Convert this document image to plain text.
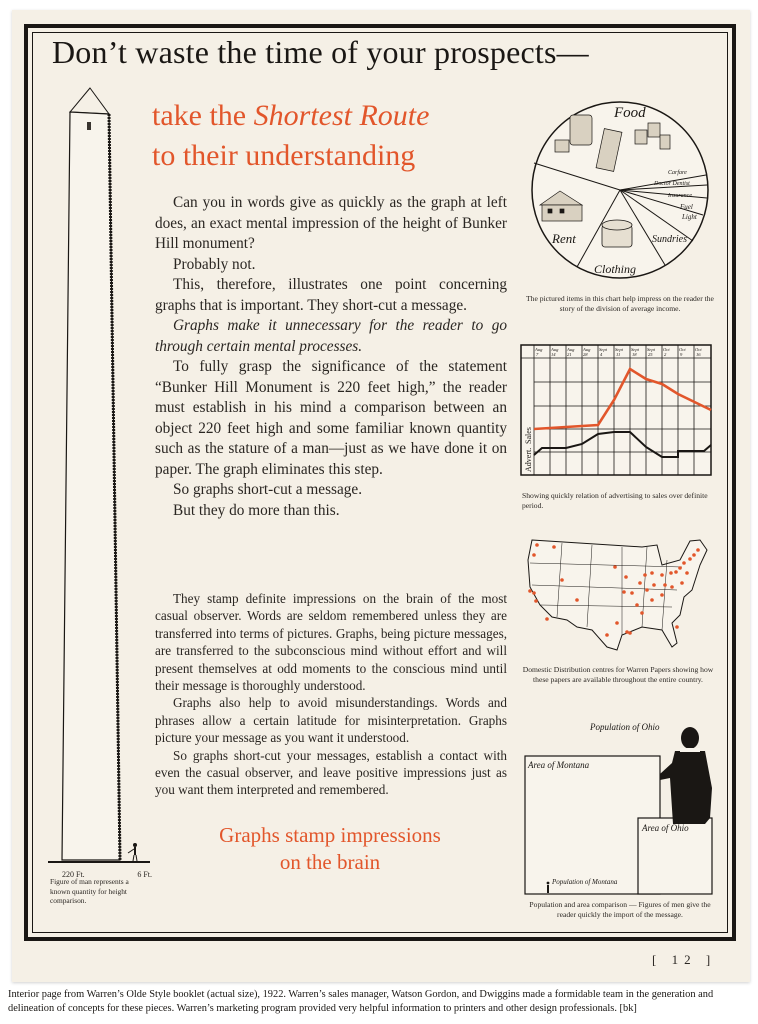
Don’t waste the time of your prospects—
220 Ft.	6 Ft.
Figure of man represents a known quantity for height comparison.
take the Shortest Route
to their understanding

Can you in words give as quickly as the graph at left does, an exact mental impression of the height of Bunker Hill monument?

Probably not.

This, therefore, illustrates one point concerning graphs that is important. They short-cut a message.

Graphs make it unnecessary for the reader to go through certain mental processes.

To fully grasp the significance of the statement “Bunker Hill Monument is 220 feet high,” the reader must establish in his mind a comparison between an object 220 feet high and some familiar known quantity such as the stature of a man—just as we have done it on paper. The graph eliminates this step.

So graphs short-cut a message.

But they do more than this.

They stamp definite impressions on the brain of the most casual observer. Words are seldom remembered unless they are transferred into terms of pictures. Graphs, being picture messages, are transferred to the subconscious mind without effort and will present themselves at odd moments to the conscious mind until their message is thoroughly understood.

Graphs also help to avoid misunderstandings. Words and phrases allow a certain latitude for misinterpretation. Graphs picture your message as you want it understood.

So graphs short-cut your messages, establish a contact with even the casual observer, and leave positive impressions just as you want them interpreted and remembered.

Graphs stamp impressions
on the brain
Food
Carfare
Doctor Dentist
Insurance
Fuel
Light
Sundries
Clothing
Rent
The pictured items in this chart help impress on the reader the story of the division of average income.
Aug
7
Aug
14
Aug
21
Aug
28
Sept
4
Sept
11
Sept
18
Sept
25
Oct
2
Oct
9
Oct
16
Advert.
Sales
Showing quickly relation of advertising to sales over definite period.
Domestic Distribution centres for Warren Papers showing how these papers are available throughout the entire country.
Population of Ohio
Area of Montana
Area of Ohio
Population of Montana
Population and area comparison — Figures of men give the reader quickly the import of the message.
[ 12 ]
Interior page from Warren’s Olde Style booklet (actual size), 1922. Warren’s sales manager, Watson Gordon, and Dwiggins made a formidable team in the generation and delineation of concepts for these pieces. Warren’s marketing program provided very helpful information to printers and other design professionals. [bk]
